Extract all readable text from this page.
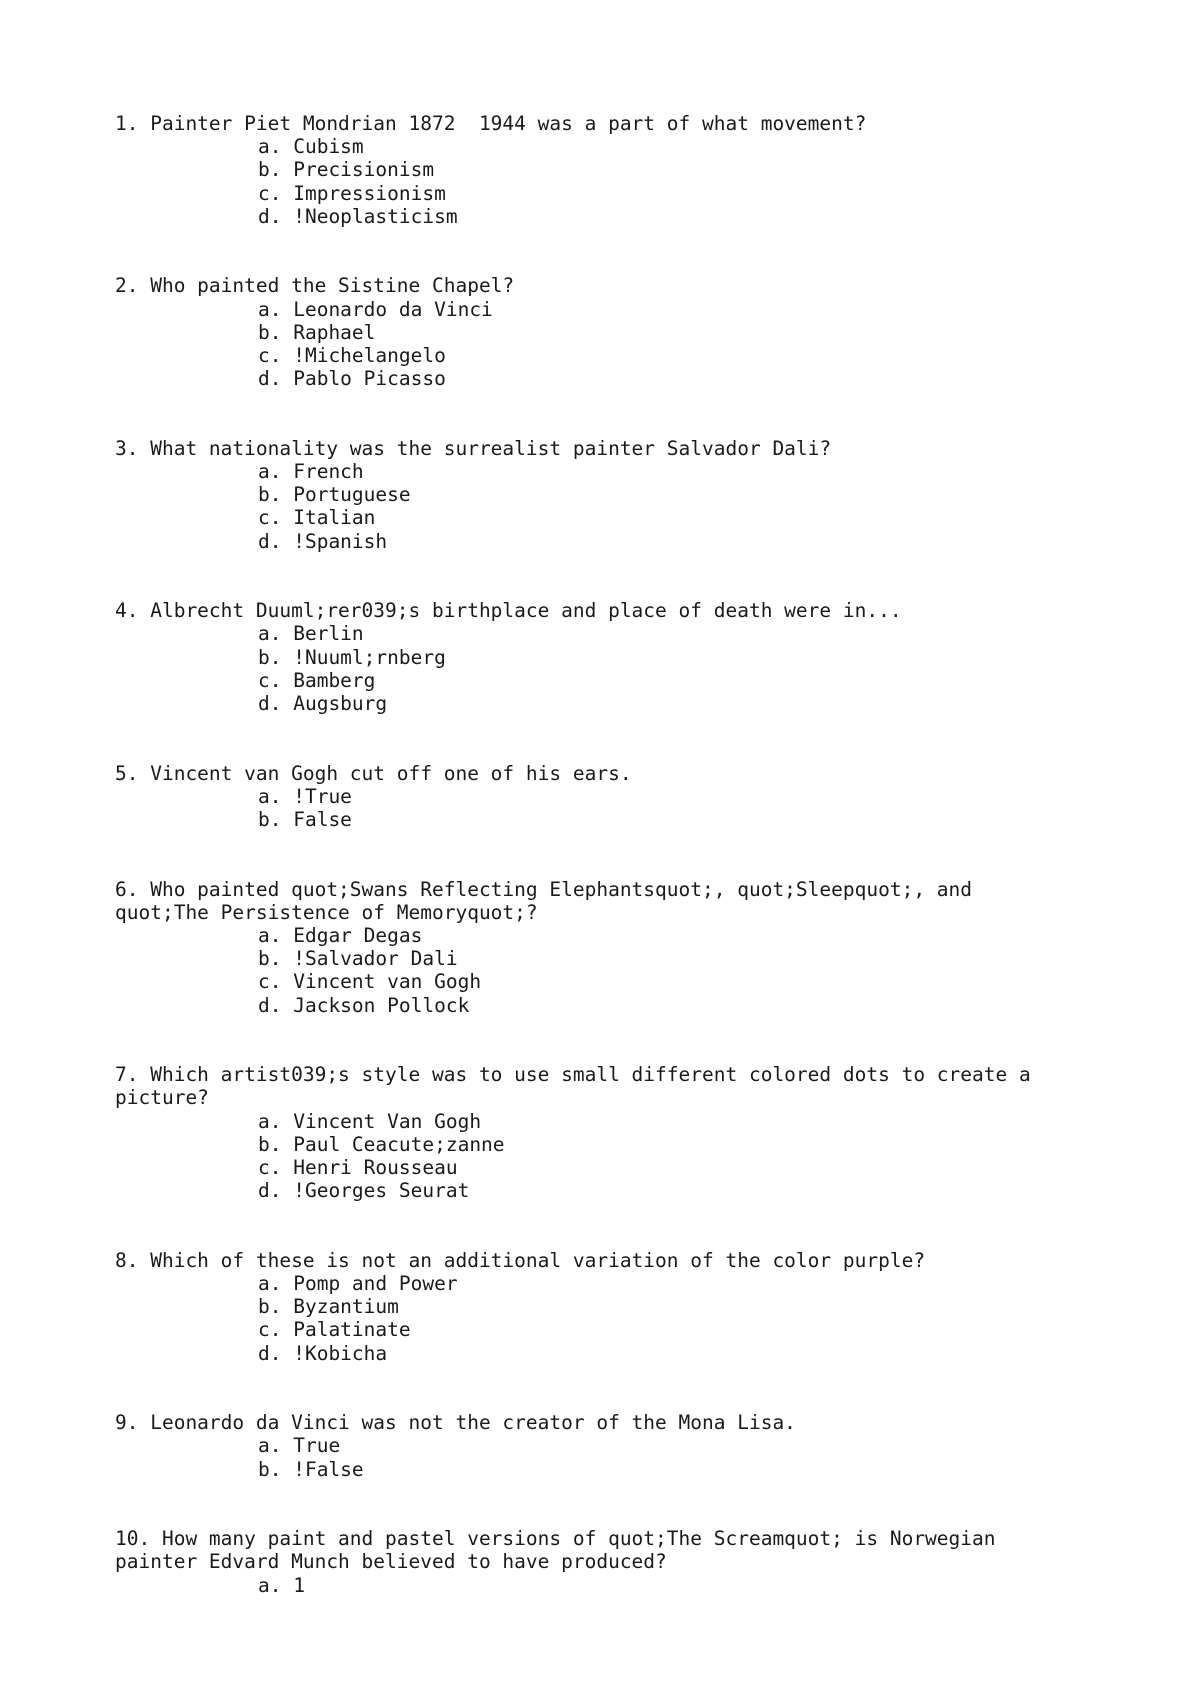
1. Painter Piet Mondrian 1872  1944 was a part of what movement?

a. Cubism
b. Precisionism
c. Impressionism
d. !Neoplasticism

2. Who painted the Sistine Chapel?

a. Leonardo da Vinci
b. Raphael
c. !Michelangelo
d. Pablo Picasso

3. What nationality was the surrealist painter Salvador Dali?

a. French
b. Portuguese
c. Italian
d. !Spanish

4. Albrecht Duuml;rer039;s birthplace and place of death were in...

a. Berlin
b. !Nuuml;rnberg
c. Bamberg
d. Augsburg

5. Vincent van Gogh cut off one of his ears.

a. !True
b. False

6. Who painted quot;Swans Reflecting Elephantsquot;, quot;Sleepquot;, and
quot;The Persistence of Memoryquot;?

a. Edgar Degas
b. !Salvador Dali
c. Vincent van Gogh
d. Jackson Pollock

7. Which artist039;s style was to use small different colored dots to create a
picture?

a. Vincent Van Gogh
b. Paul Ceacute;zanne
c. Henri Rousseau
d. !Georges Seurat

8. Which of these is not an additional variation of the color purple?

a. Pomp and Power
b. Byzantium
c. Palatinate
d. !Kobicha

9. Leonardo da Vinci was not the creator of the Mona Lisa.

a. True
b. !False

10. How many paint and pastel versions of quot;The Screamquot; is Norwegian
painter Edvard Munch believed to have produced?

a. 1
